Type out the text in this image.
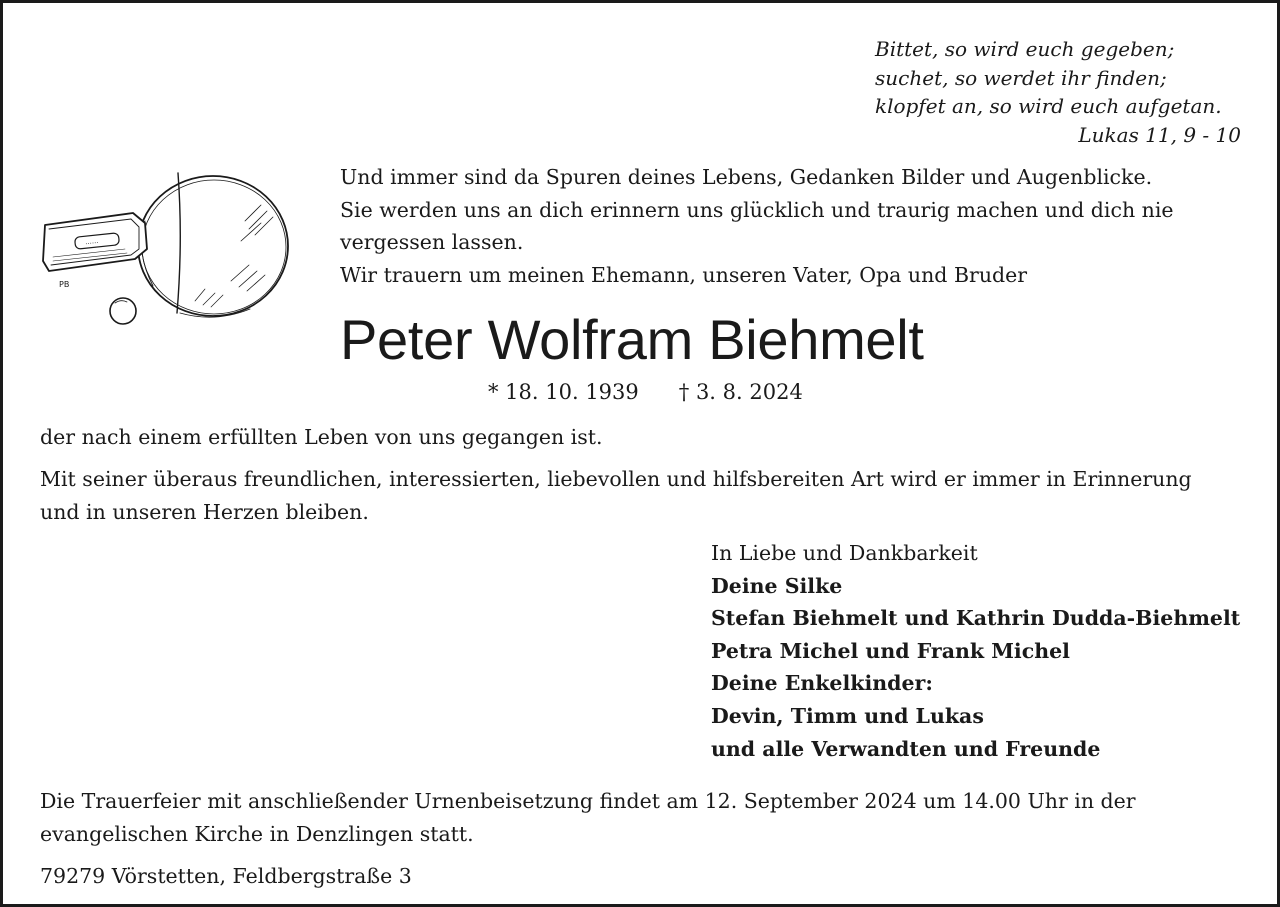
Bittet, so wird euch gegeben;
suchet, so werdet ihr finden;
klopfet an, so wird euch aufgetan.
Lukas 11, 9 - 10
······
PB
Und immer sind da Spuren deines Lebens, Gedanken Bilder und Augenblicke.
Sie werden uns an dich erinnern uns glücklich und traurig machen und dich nie
vergessen lassen.
Wir trauern um meinen Ehemann, unseren Vater, Opa und Bruder
Peter Wolfram Biehmelt
* 18. 10. 1939 † 3. 8. 2024
der nach einem erfüllten Leben von uns gegangen ist.
Mit seiner überaus freundlichen, interessierten, liebevollen und hilfsbereiten Art wird er immer in Erinnerung
und in unseren Herzen bleiben.
In Liebe und Dankbarkeit
Deine Silke
Stefan Biehmelt und Kathrin Dudda-Biehmelt
Petra Michel und Frank Michel
Deine Enkelkinder:
Devin, Timm und Lukas
und alle Verwandten und Freunde
Die Trauerfeier mit anschließender Urnenbeisetzung findet am 12. September 2024 um 14.00 Uhr in der
evangelischen Kirche in Denzlingen statt.
79279 Vörstetten, Feldbergstraße 3
